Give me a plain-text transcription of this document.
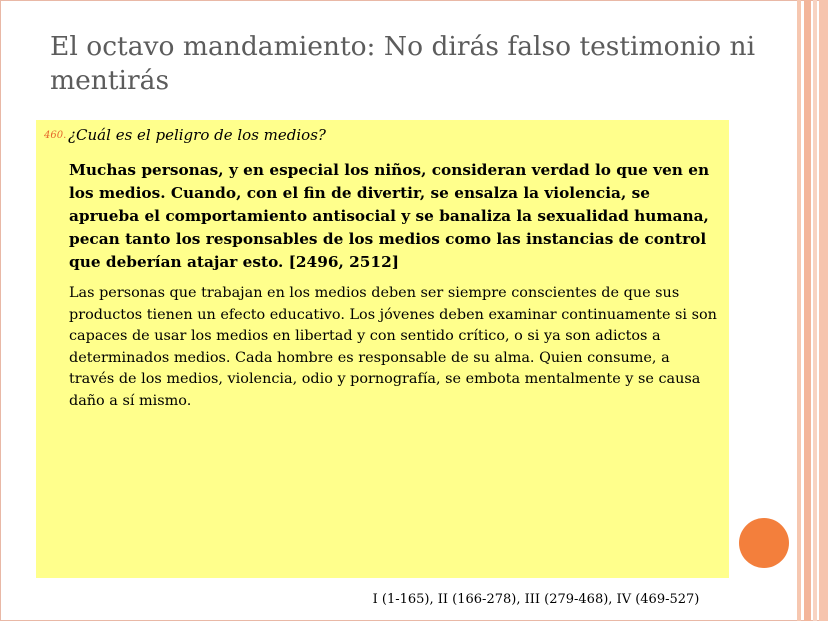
El octavo mandamiento: No dirás falso testimonio ni mentirás
460. ¿Cuál es el peligro de los medios?

Muchas personas, y en especial los niños, consideran verdad lo que ven en los medios. Cuando, con el fin de divertir, se ensalza la violencia, se aprueba el comportamiento antisocial y se banaliza la sexualidad humana, pecan tanto los responsables de los medios como las instancias de control que deberían atajar esto. [2496, 2512]

Las personas que trabajan en los medios deben ser siempre conscientes de que sus productos tienen un efecto educativo. Los jóvenes deben examinar continuamente si son capaces de usar los medios en libertad y con sentido crítico, o si ya son adictos a determinados medios. Cada hombre es responsable de su alma. Quien consume, a través de los medios, violencia, odio y pornografía, se embota mentalmente y se causa daño a sí mismo.

I (1-165), II (166-278), III (279-468), IV (469-527)
